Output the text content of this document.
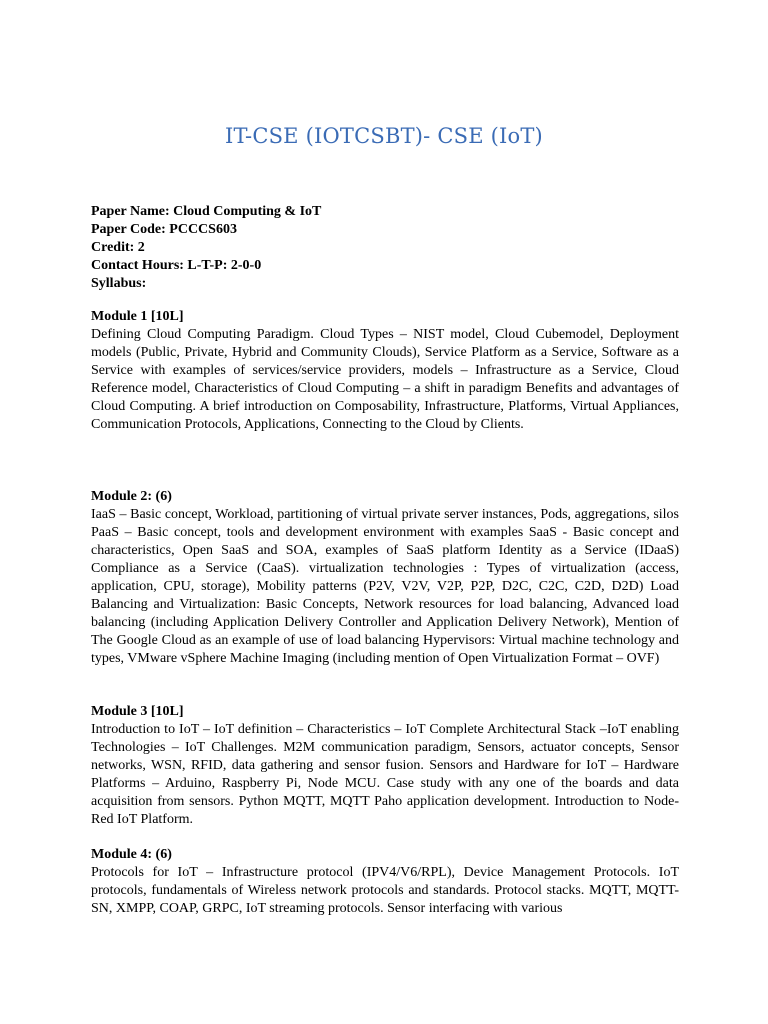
IT-CSE (IOTCSBT)- CSE (IoT)
Paper Name: Cloud Computing & IoT
Paper Code: PCCCS603
Credit: 2
Contact Hours: L-T-P: 2-0-0
Syllabus:
Module 1 [10L]

Defining Cloud Computing Paradigm. Cloud Types – NIST model, Cloud Cubemodel, Deployment models (Public, Private, Hybrid and Community Clouds), Service Platform as a Service, Software as a Service with examples of services/service providers, models – Infrastructure as a Service, Cloud Reference model, Characteristics of Cloud Computing – a shift in paradigm Benefits and advantages of Cloud Computing. A brief introduction on Composability, Infrastructure, Platforms, Virtual Appliances, Communication Protocols, Applications, Connecting to the Cloud by Clients.

Module 2: (6)

IaaS – Basic concept, Workload, partitioning of virtual private server instances, Pods, aggregations, silos PaaS – Basic concept, tools and development environment with examples SaaS - Basic concept and characteristics, Open SaaS and SOA, examples of SaaS platform Identity as a Service (IDaaS) Compliance as a Service (CaaS). virtualization technologies : Types of virtualization (access, application, CPU, storage), Mobility patterns (P2V, V2V, V2P, P2P, D2C, C2C, C2D, D2D) Load Balancing and Virtualization: Basic Concepts, Network resources for load balancing, Advanced load balancing (including Application Delivery Controller and Application Delivery Network), Mention of The Google Cloud as an example of use of load balancing Hypervisors: Virtual machine technology and types, VMware vSphere Machine Imaging (including mention of Open Virtualization Format – OVF)

Module 3 [10L]

Introduction to IoT – IoT definition – Characteristics – IoT Complete Architectural Stack –IoT enabling Technologies – IoT Challenges. M2M communication paradigm, Sensors, actuator concepts, Sensor networks, WSN, RFID, data gathering and sensor fusion. Sensors and Hardware for IoT – Hardware Platforms – Arduino, Raspberry Pi, Node MCU. Case study with any one of the boards and data acquisition from sensors. Python MQTT, MQTT Paho application development. Introduction to Node-Red IoT Platform.

Module 4: (6)

Protocols for IoT – Infrastructure protocol (IPV4/V6/RPL), Device Management Protocols. IoT protocols, fundamentals of Wireless network protocols and standards. Protocol stacks. MQTT, MQTT-SN, XMPP, COAP, GRPC, IoT streaming protocols. Sensor interfacing with various
